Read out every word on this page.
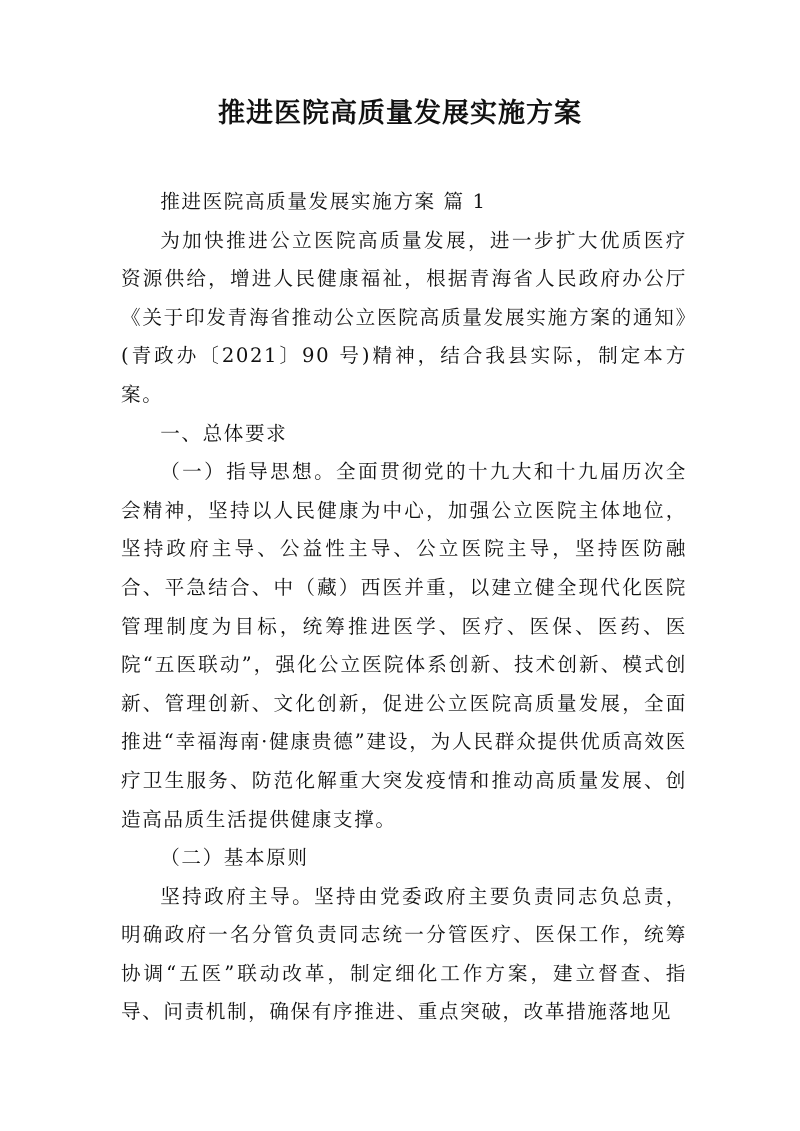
推进医院高质量发展实施方案

推进医院高质量发展实施方案 篇 1

为加快推进公立医院高质量发展，进一步扩大优质医疗资源供给，增进人民健康福祉，根据青海省人民政府办公厅《关于印发青海省推动公立医院高质量发展实施方案的通知》(青政办〔2021〕90 号)精神，结合我县实际，制定本方案。

一、总体要求

（一）指导思想。全面贯彻党的十九大和十九届历次全会精神，坚持以人民健康为中心，加强公立医院主体地位，坚持政府主导、公益性主导、公立医院主导，坚持医防融合、平急结合、中（藏）西医并重，以建立健全现代化医院管理制度为目标，统筹推进医学、医疗、医保、医药、医院“五医联动”，强化公立医院体系创新、技术创新、模式创新、管理创新、文化创新，促进公立医院高质量发展，全面推进“幸福海南·健康贵德”建设，为人民群众提供优质高效医疗卫生服务、防范化解重大突发疫情和推动高质量发展、创造高品质生活提供健康支撑。

（二）基本原则

坚持政府主导。坚持由党委政府主要负责同志负总责，明确政府一名分管负责同志统一分管医疗、医保工作，统筹协调“五医”联动改革，制定细化工作方案，建立督查、指导、问责机制，确保有序推进、重点突破，改革措施落地见
